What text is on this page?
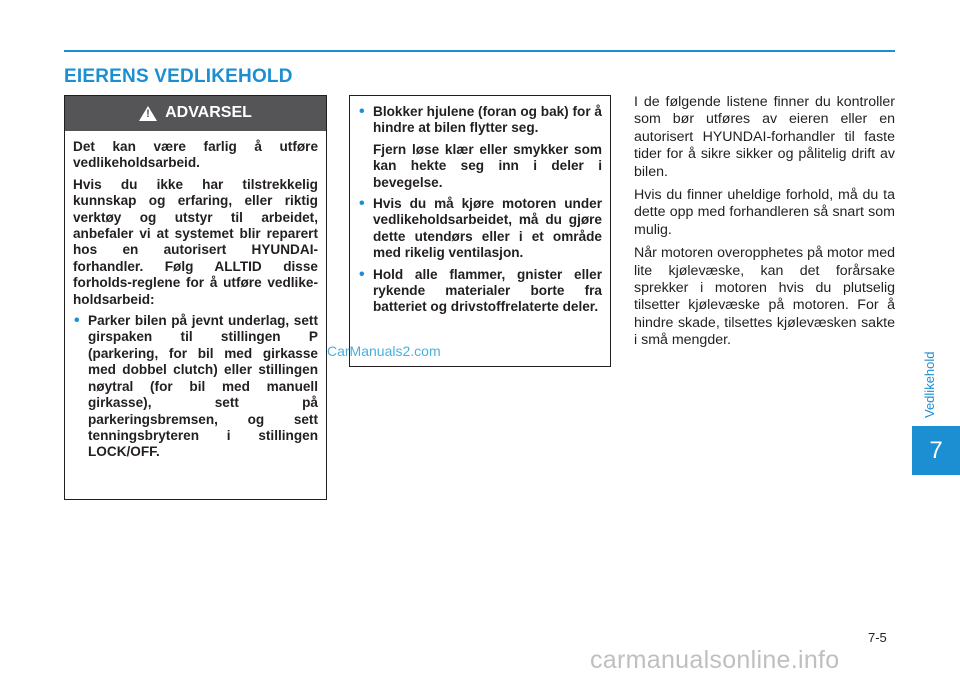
EIERENS VEDLIKEHOLD
!
ADVARSEL

Det kan være farlig å utføre vedlikeholdsarbeid.

Hvis du ikke har tilstrekkelig kunnskap og erfaring, eller riktig verktøy og utstyr til arbeidet, anbefaler vi at systemet blir reparert hos en autorisert HYUNDAI-forhandler. Følg ALLTID disse forholds-reglene for å utføre vedlike-holdsarbeid:

• Parker bilen på jevnt underlag, sett girspaken til stillingen P (parkering, for bil med girkasse med dobbel clutch) eller stillingen nøytral (for bil med manuell girkasse), sett på parkeringsbremsen, og sett tenningsbryteren i stillingen LOCK/OFF.
• Blokker hjulene (foran og bak) for å hindre at bilen flytter seg.

Fjern løse klær eller smykker som kan hekte seg inn i deler i bevegelse.

• Hvis du må kjøre motoren under vedlikeholdsarbeidet, må du gjøre dette utendørs eller i et område med rikelig ventilasjon.
• Hold alle flammer, gnister eller rykende materialer borte fra batteriet og drivstoffrelaterte deler.
CarManuals2.com

I de følgende listene finner du kontroller som bør utføres av eieren eller en autorisert HYUNDAI-forhandler til faste tider for å sikre sikker og pålitelig drift av bilen.

Hvis du finner uheldige forhold, må du ta dette opp med forhandleren så snart som mulig.

Når motoren overopphetes på motor med lite kjølevæske, kan det forårsake sprekker i motoren hvis du plutselig tilsetter kjølevæske på motoren. For å hindre skade, tilsettes kjølevæsken sakte i små mengder.

Vedlikehold
7
7-5
carmanualsonline.info
